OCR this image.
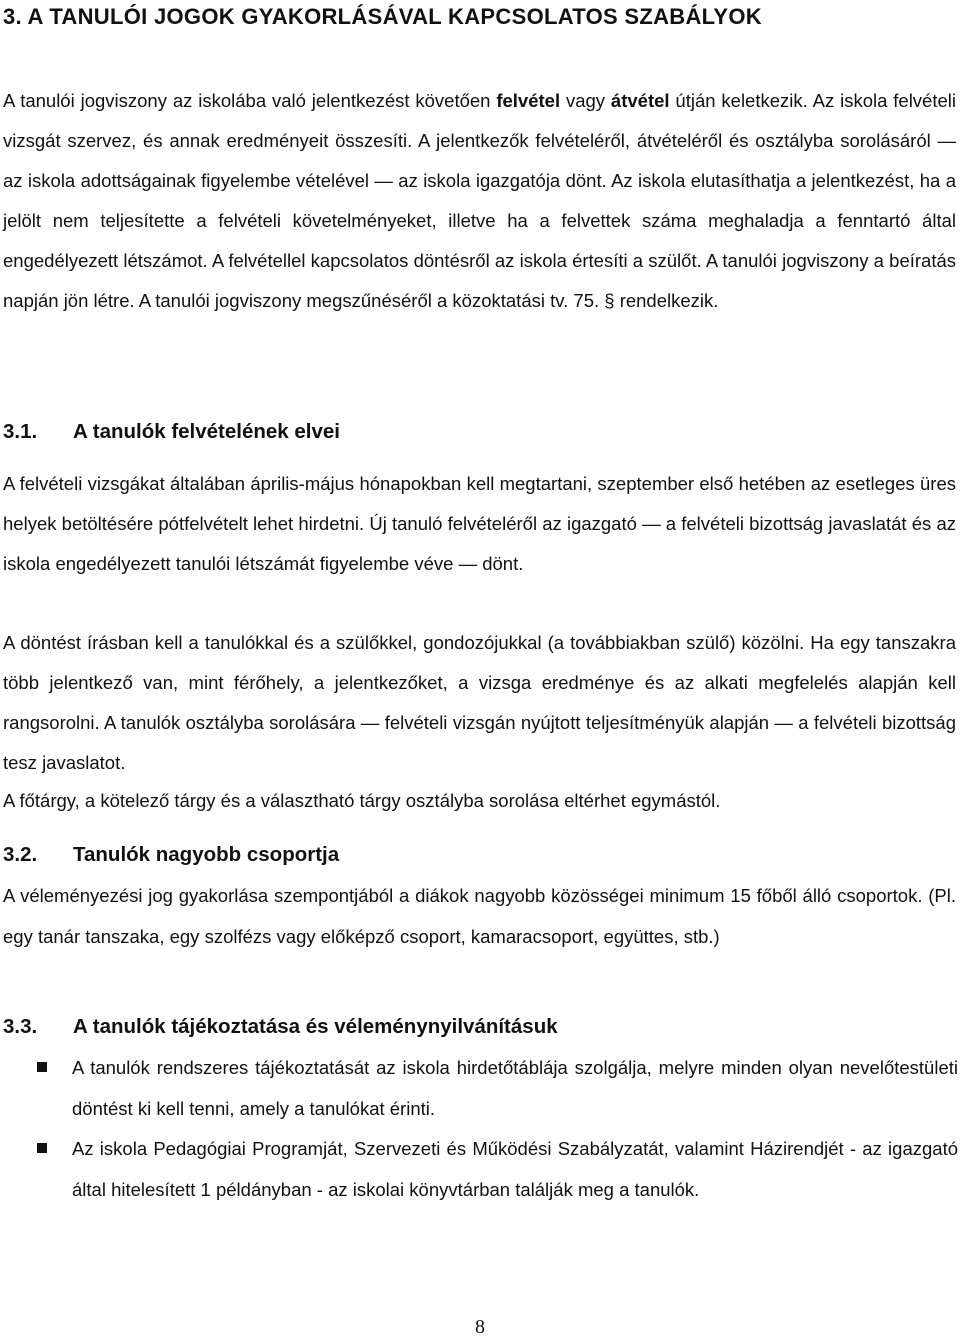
3. A TANULÓI JOGOK GYAKORLÁSÁVAL KAPCSOLATOS SZABÁLYOK

A tanulói jogviszony az iskolába való jelentkezést követően felvétel vagy átvétel útján keletkezik. Az iskola felvételi vizsgát szervez, és annak eredményeit összesíti. A jelentkezők felvételéről, átvételéről és osztályba sorolásáról — az iskola adottságainak figyelembe vételével — az iskola igazgatója dönt. Az iskola elutasíthatja a jelentkezést, ha a jelölt nem teljesítette a felvételi követelményeket, illetve ha a felvettek száma meghaladja a fenntartó által engedélyezett létszámot. A felvétellel kapcsolatos döntésről az iskola értesíti a szülőt. A tanulói jogviszony a beíratás napján jön létre. A tanulói jogviszony megszűnéséről a közoktatási tv. 75. § rendelkezik.

3.1. A tanulók felvételének elvei

A felvételi vizsgákat általában április-május hónapokban kell megtartani, szeptember első hetében az esetleges üres helyek betöltésére pótfelvételt lehet hirdetni. Új tanuló felvételéről az igazgató — a felvételi bizottság javaslatát és az iskola engedélyezett tanulói létszámát figyelembe véve — dönt.

A döntést írásban kell a tanulókkal és a szülőkkel, gondozójukkal (a továbbiakban szülő) közölni. Ha egy tanszakra több jelentkező van, mint férőhely, a jelentkezőket, a vizsga eredménye és az alkati megfelelés alapján kell rangsorolni. A tanulók osztályba sorolására — felvételi vizsgán nyújtott teljesítményük alapján — a felvételi bizottság tesz javaslatot.

A főtárgy, a kötelező tárgy és a választható tárgy osztályba sorolása eltérhet egymástól.

3.2. Tanulók nagyobb csoportja

A véleményezési jog gyakorlása szempontjából a diákok nagyobb közösségei minimum 15 főből álló csoportok. (Pl. egy tanár tanszaka, egy szolfézs vagy előképző csoport, kamaracsoport, együttes, stb.)

3.3. A tanulók tájékoztatása és véleménynyilvánításuk
A tanulók rendszeres tájékoztatását az iskola hirdetőtáblája szolgálja, melyre minden olyan nevelőtestületi döntést ki kell tenni, amely a tanulókat érinti.
Az iskola Pedagógiai Programját, Szervezeti és Működési Szabályzatát, valamint Házirendjét - az igazgató által hitelesített 1 példányban - az iskolai könyvtárban találják meg a tanulók.
8
